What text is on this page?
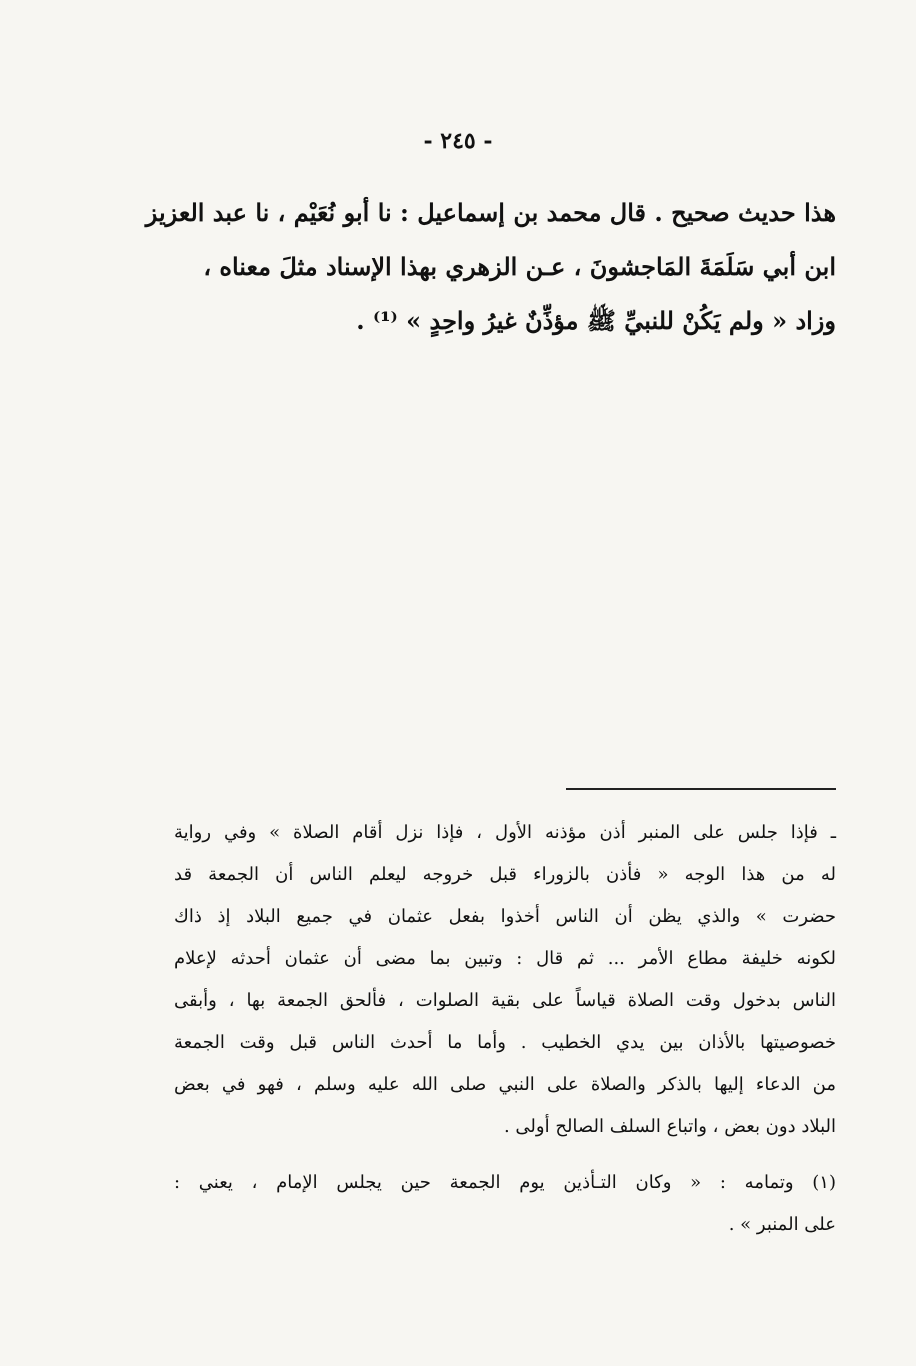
- ٢٤٥ -
هذا حديث صحيح . قال محمد بن إسماعيل : نا أبو نُعَيْم ، نا عبد العزيز
ابن أبي سَلَمَةَ المَاجشونَ ، عـن الزهري بهذا الإسناد مثلَ معناه ،
وزاد « ولم يَكُنْ للنبيِّ ﷺ مؤذِّنٌ غيرُ واحِدٍ » ⁽¹⁾ .
ـ فإذا جلس على المنبر أذن مؤذنه الأول ، فإذا نزل أقام الصلاة » وفي رواية
له من هذا الوجه « فأذن بالزوراء قبل خروجه ليعلم الناس أن الجمعة قد
حضرت » والذي يظن أن الناس أخذوا بفعل عثمان في جميع البلاد إذ ذاك
لكونه خليفة مطاع الأمر ... ثم قال : وتبين بما مضى أن عثمان أحدثه لإعلام
الناس بدخول وقت الصلاة قياساً على بقية الصلوات ، فألحق الجمعة بها ، وأبقى
خصوصيتها بالأذان بين يدي الخطيب . وأما ما أحدث الناس قبل وقت الجمعة
من الدعاء إليها بالذكر والصلاة على النبي صلى الله عليه وسلم ، فهو في بعض
البلاد دون بعض ، واتباع السلف الصالح أولى .
(١) وتمامه : « وكان التـأذين يوم الجمعة حين يجلس الإمام ، يعني :
على المنبر » .
